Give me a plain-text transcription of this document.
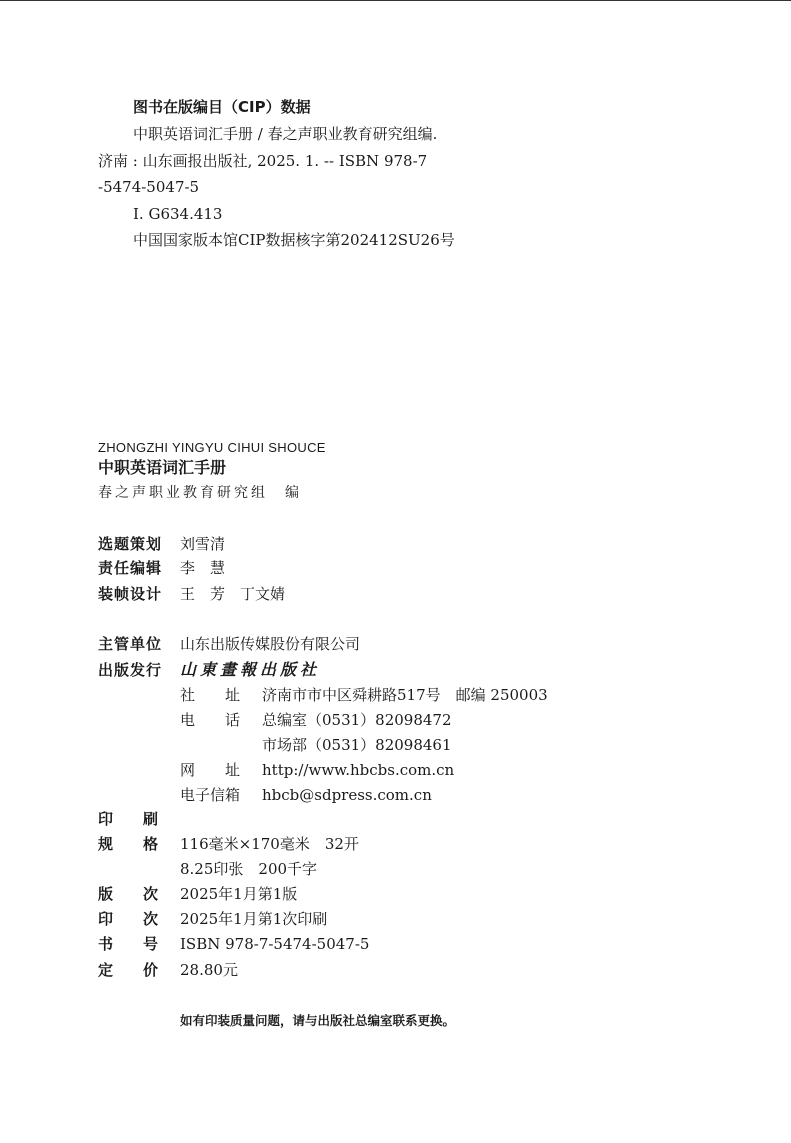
图书在版编目（CIP）数据
中职英语词汇手册 / 春之声职业教育研究组编.
济南 : 山东画报出版社, 2025. 1. -- ISBN 978-7
-5474-5047-5
Ⅰ. G634.413
中国国家版本馆CIP数据核字第202412SU26号
ZHONGZHI YINGYU CIHUI SHOUCE
中职英语词汇手册
春之声职业教育研究组　编
选题策划 刘雪清
责任编辑 李　慧
装帧设计 王　芳　丁文婧
主管单位 山东出版传媒股份有限公司
出版发行 山東畫報出版社
社　　址 济南市市中区舜耕路517号　邮编 250003
电　　话 总编室（0531）82098472
市场部（0531）82098461
网　　址 http://www.hbcbs.com.cn
电子信箱 hbcb@sdpress.com.cn
印刷
规格
116毫米×170毫米　32开
8.25印张　200千字
版次
2025年1月第1版
印次
2025年1月第1次印刷
书号
ISBN 978-7-5474-5047-5
定价
28.80元
如有印装质量问题，请与出版社总编室联系更换。
